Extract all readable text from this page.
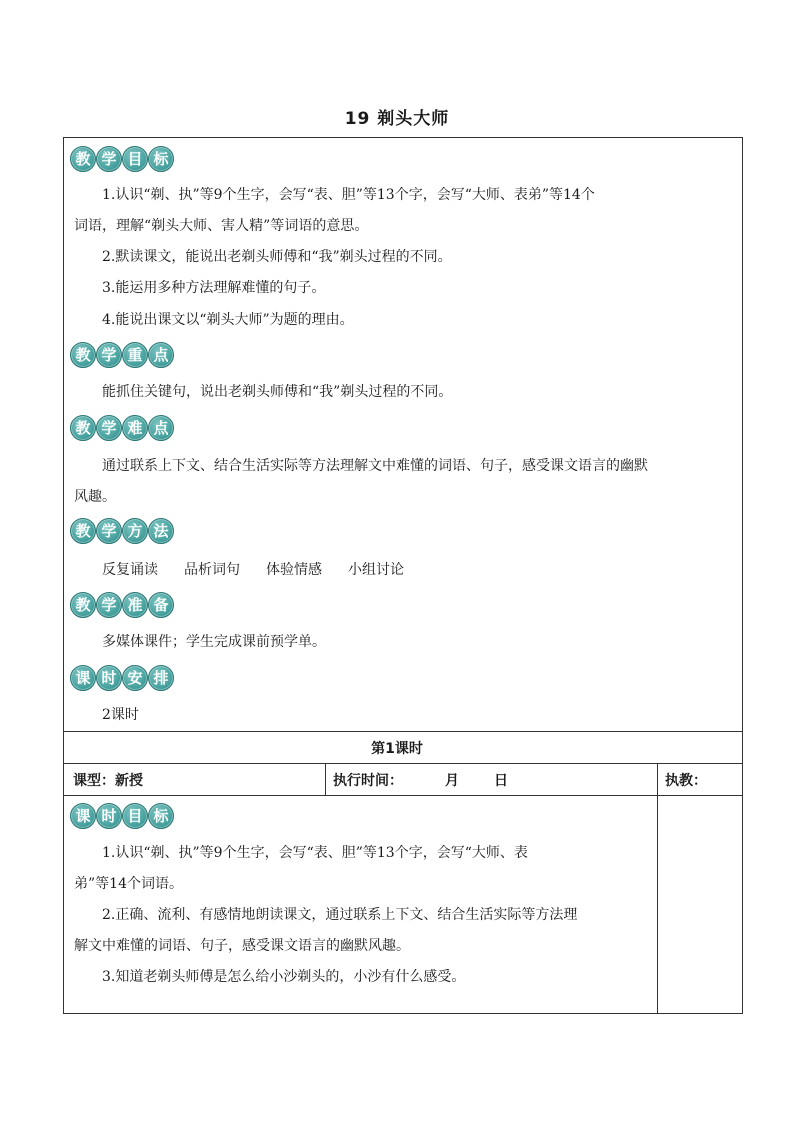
19 剃头大师
教 学 目 标
1.认识“剃、执”等9个生字，会写“表、胆”等13个字，会写“大师、表弟”等14个
词语，理解“剃头大师、害人精”等词语的意思。
2.默读课文，能说出老剃头师傅和“我”剃头过程的不同。
3.能运用多种方法理解难懂的句子。
4.能说出课文以“剃头大师”为题的理由。
教 学 重 点
能抓住关键句，说出老剃头师傅和“我”剃头过程的不同。
教 学 难 点
通过联系上下文、结合生活实际等方法理解文中难懂的词语、句子，感受课文语言的幽默
风趣。
教 学 方 法
反复诵读 品析词句 体验情感 小组讨论
教 学 准 备
多媒体课件；学生完成课前预学单。
课 时 安 排
2课时
第1课时
课型：新授	执行时间：	月	日	执教：
课 时 目 标
1.认识“剃、执”等9个生字，会写“表、胆”等13个字，会写“大师、表
弟”等14个词语。
2.正确、流利、有感情地朗读课文，通过联系上下文、结合生活实际等方法理
解文中难懂的词语、句子，感受课文语言的幽默风趣。
3.知道老剃头师傅是怎么给小沙剃头的，小沙有什么感受。
